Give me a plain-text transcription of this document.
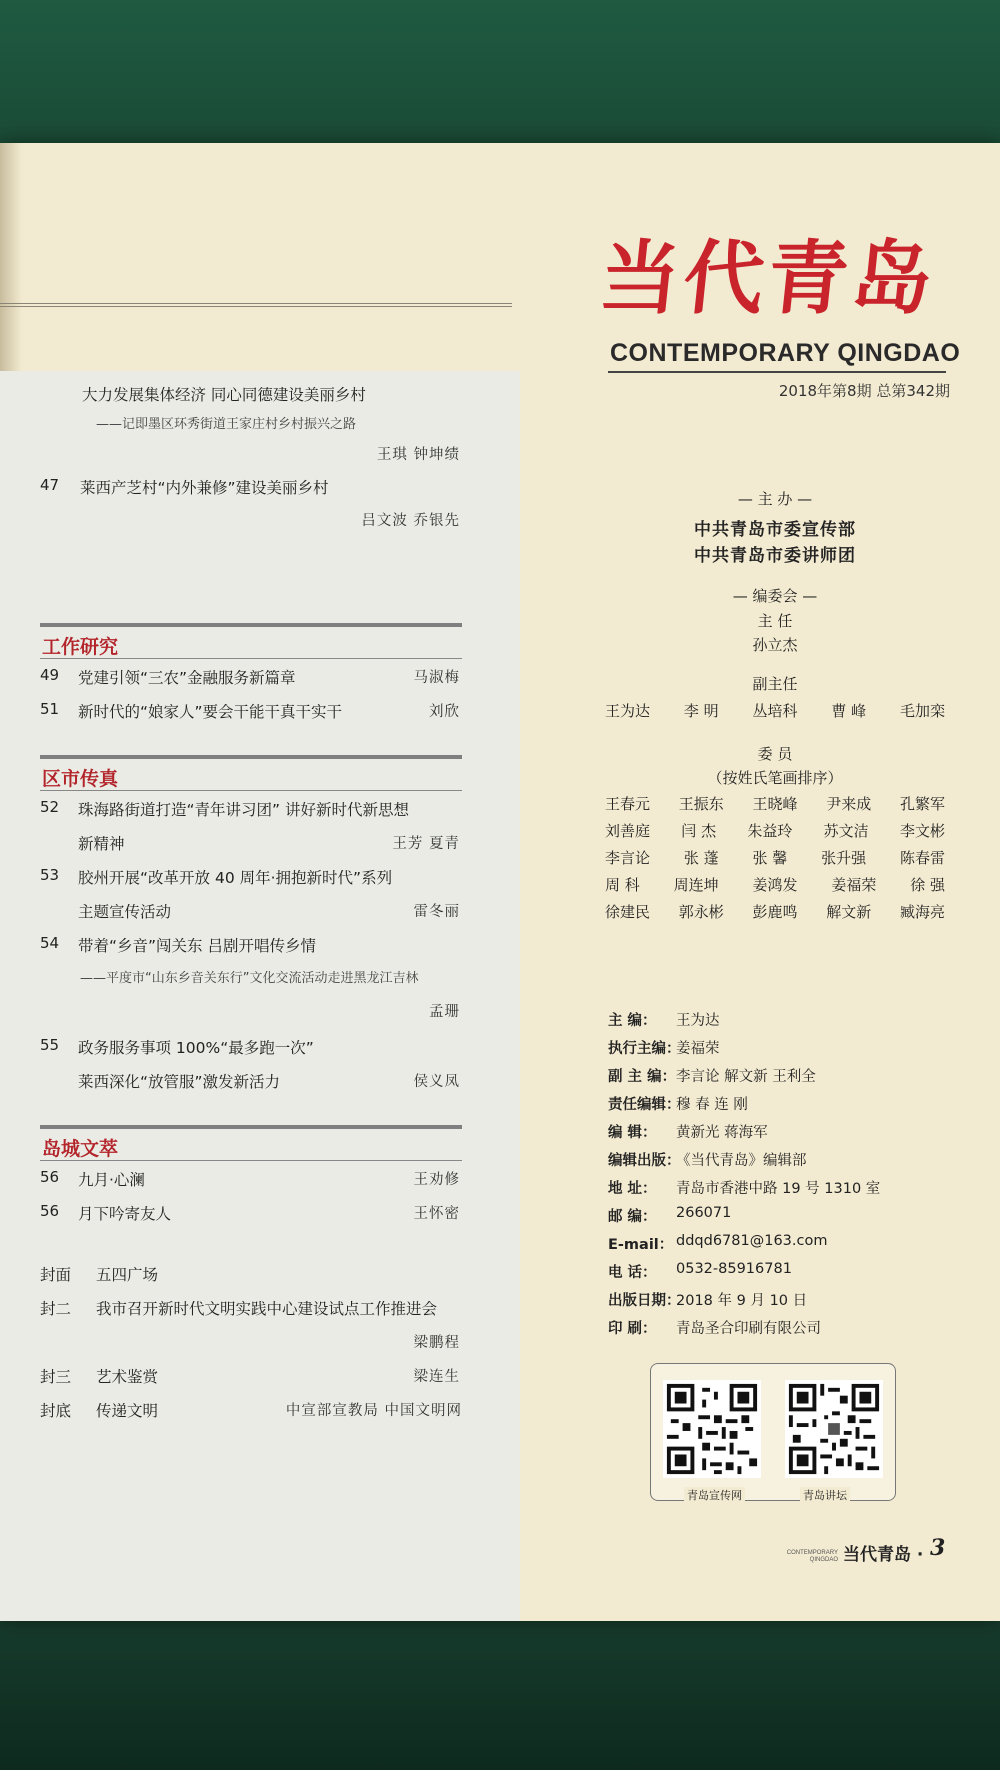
当代青岛
CONTEMPORARY QINGDAO
2018年第8期 总第342期
大力发展集体经济 同心同德建设美丽乡村
——记即墨区环秀街道王家庄村乡村振兴之路
王琪 钟坤绩
47 莱西产芝村“内外兼修”建设美丽乡村
吕文波 乔银先
工作研究
49 党建引领“三农”金融服务新篇章	马淑梅
51 新时代的“娘家人”要会干能干真干实干	刘欣
区市传真
52 珠海路街道打造“青年讲习团” 讲好新时代新思想
新精神	王芳 夏青
53 胶州开展“改革开放 40 周年·拥抱新时代”系列
主题宣传活动	雷冬丽
54 带着“乡音”闯关东 吕剧开唱传乡情
——平度市“山东乡音关东行”文化交流活动走进黑龙江吉林
孟珊
55 政务服务事项 100%“最多跑一次”
莱西深化“放管服”激发新活力	侯义凤
岛城文萃
56 九月·心澜	王劝修
56 月下吟寄友人	王怀密
封面 五四广场
封二 我市召开新时代文明实践中心建设试点工作推进会
梁鹏程
封三 艺术鉴赏	梁连生
封底 传递文明	中宣部宣教局 中国文明网
— 主 办 —
中共青岛市委宣传部
中共青岛市委讲师团
— 编委会 —
主 任
孙立杰
副主任
王为达 李 明 丛培科 曹 峰 毛加栾
委 员
（按姓氏笔画排序）
王春元 王振东 王晓峰 尹来成 孔繁军
刘善庭 闫 杰 朱益玲 苏文洁 李文彬
李言论 张 蓬 张 馨 张升强 陈春雷
周 科 周连坤 姜鸿发 姜福荣 徐 强
徐建民 郭永彬 彭鹿鸣 解文新 臧海亮
主 编：	王为达
执行主编：
姜福荣
副 主 编： 李言论 解文新 王利全
责任编辑：
穆 春 连 刚
编 辑：	黄新光 蒋海军
编辑出版：
《当代青岛》编辑部
地 址：	青岛市香港中路 19 号 1310 室
邮 编：	266071
E-mail： ddqd6781@163.com
电 话：	0532-85916781
出版日期：
2018 年 9 月 10 日
印 刷：	青岛圣合印刷有限公司
青岛宣传网	青岛讲坛
CONTEMPORARY QINGDAO 当代青岛 · 3
